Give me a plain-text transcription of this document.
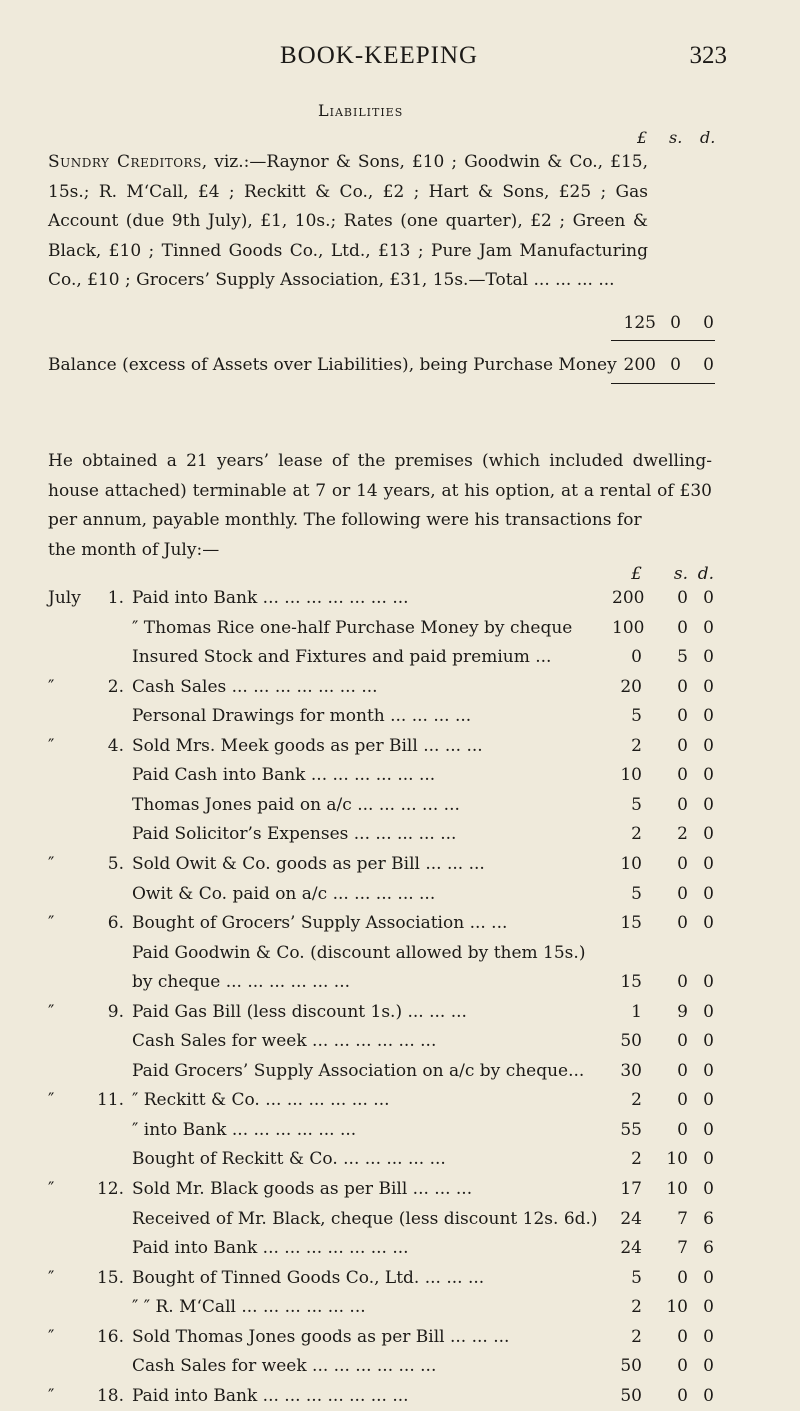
BOOK-KEEPING	323
Liabilities
£ s. d.
Sundry Creditors, viz.:—Raynor & Sons, £10 ; Goodwin & Co., £15, 15s.; R. M‘Call, £4 ; Reckitt & Co., £2 ; Hart & Sons, £25 ; Gas Account (due 9th July), £1, 10s.; Rates (one quarter), £2 ; Green & Black, £10 ; Tinned Goods Co., Ltd., £13 ; Pure Jam Manufacturing Co., £10 ; Grocers’ Supply Association, £31, 15s.—Total ... ... ... ...
125 0	0
Balance (excess of Assets over Liabilities), being Purchase Money 200 0	0
He obtained a 21 years’ lease of the premises (which included dwelling-house attached) terminable at 7 or 14 years, at his option, at a rental of £30 per annum, payable monthly. The following were his transactions for
the month of July:—
£	s. d.
July	1. Paid into Bank ... ... ... ... ... ... ...	200	0 0
″ Thomas Rice one-half Purchase Money by cheque	100	0 0
Insured Stock and Fixtures and paid premium ...	0	5 0
″	2. Cash Sales ... ... ... ... ... ... ...	20	0 0
Personal Drawings for month ... ... ... ...	5	0 0
″	4. Sold Mrs. Meek goods as per Bill ... ... ...	2	0 0
Paid Cash into Bank ... ... ... ... ... ...	10	0 0
Thomas Jones paid on a/c ... ... ... ... ...	5	0 0
Paid Solicitor’s Expenses ... ... ... ... ...	2	2 0
″	5. Sold Owit & Co. goods as per Bill ... ... ...	10	0 0
Owit & Co. paid on a/c ... ... ... ... ...	5	0 0
″	6. Bought of Grocers’ Supply Association ... ...	15	0 0
Paid Goodwin & Co. (discount allowed by them 15s.)
by cheque ... ... ... ... ... ...	15	0 0
″	9. Paid Gas Bill (less discount 1s.) ... ... ...	1	9 0
Cash Sales for week ... ... ... ... ... ...	50	0 0
Paid Grocers’ Supply Association on a/c by cheque...	30	0 0
″	11. ″ Reckitt & Co. ... ... ... ... ... ...	2	0 0
″ into Bank ... ... ... ... ... ...	55	0 0
Bought of Reckitt & Co. ... ... ... ... ...	2	10 0
″	12. Sold Mr. Black goods as per Bill ... ... ...	17	10 0
Received of Mr. Black, cheque (less discount 12s. 6d.)	24	7 6
Paid into Bank ... ... ... ... ... ... ...	24	7 6
″	15. Bought of Tinned Goods Co., Ltd. ... ... ...	5	0 0
″ ″ R. M‘Call ... ... ... ... ... ...	2	10 0
″	16. Sold Thomas Jones goods as per Bill ... ... ...	2	0 0
Cash Sales for week ... ... ... ... ... ...	50	0 0
″	18. Paid into Bank ... ... ... ... ... ... ...	50	0 0
